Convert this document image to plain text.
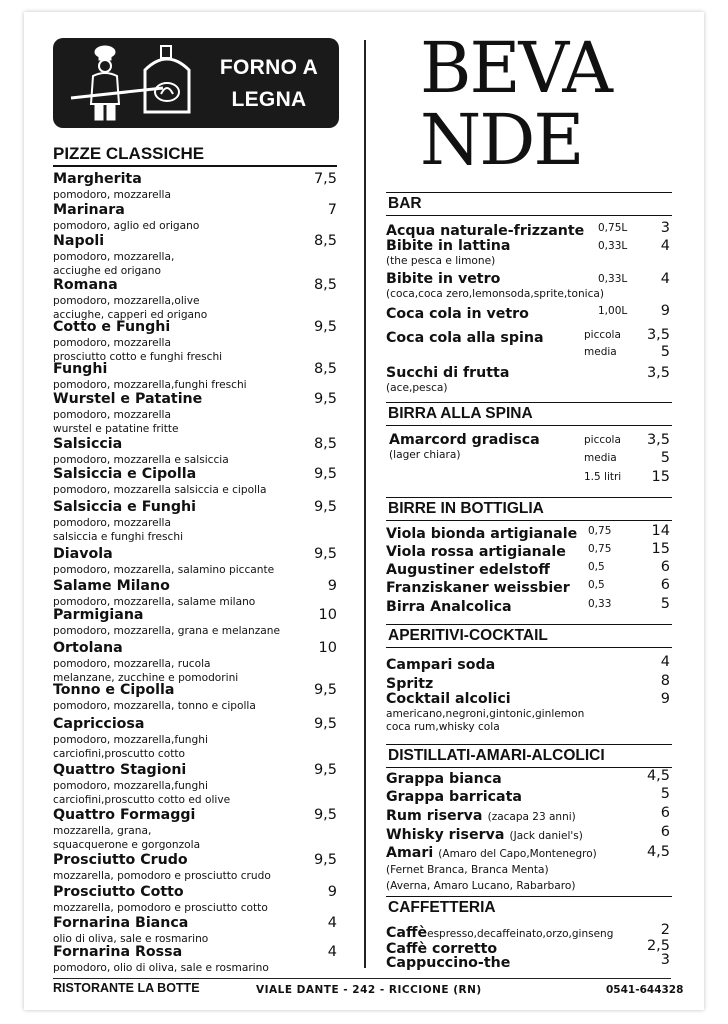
FORNO A
LEGNA
PIZZE CLASSICHE
Margherita
pomodoro, mozzarella
7,5
Marinara
pomodoro, aglio ed origano
7
Napoli
pomodoro, mozzarella,
acciughe ed origano
8,5
Romana
pomodoro, mozzarella,olive
acciughe, capperi ed origano
8,5
Cotto e Funghi
pomodoro, mozzarella
prosciutto cotto e funghi freschi
9,5
Funghi
pomodoro, mozzarella,funghi freschi
8,5
Wurstel e Patatine
pomodoro, mozzarella
wurstel e patatine fritte
9,5
Salsiccia
pomodoro, mozzarella e salsiccia
8,5
Salsiccia e Cipolla
pomodoro, mozzarella salsiccia e cipolla
9,5
Salsiccia e Funghi
pomodoro, mozzarella
salsiccia e funghi freschi
9,5
Diavola
pomodoro, mozzarella, salamino piccante
9,5
Salame Milano
pomodoro, mozzarella, salame milano
9
Parmigiana
pomodoro, mozzarella, grana e melanzane
10
Ortolana
pomodoro, mozzarella, rucola
melanzane, zucchine e pomodorini
10
Tonno e Cipolla
pomodoro, mozzarella, tonno e cipolla
9,5
Capricciosa
pomodoro, mozzarella,funghi
carciofini,proscutto cotto
9,5
Quattro Stagioni
pomodoro, mozzarella,funghi
carciofini,proscutto cotto ed olive
9,5
Quattro Formaggi
mozzarella, grana,
squacquerone e gorgonzola
9,5
Prosciutto Crudo
mozzarella, pomodoro e prosciutto crudo
9,5
Prosciutto Cotto
mozzarella, pomodoro e prosciutto cotto
9
Fornarina Bianca
olio di oliva, sale e rosmarino
4
Fornarina Rossa
pomodoro, olio di oliva, sale e rosmarino
4
BEVA
NDE
BAR
Acqua naturale-frizzante 0,75L 3
Bibite in lattina
(the pesca e limone)
0,33L 4
Bibite in vetro
(coca,coca zero,lemonsoda,sprite,tonica)
0,33L 4
Coca cola in vetro	1,00L 9
Coca cola alla spina	piccola 3,5
media	5
Succhi di frutta
(ace,pesca)
3,5
BIRRA ALLA SPINA
Amarcord gradisca
(lager chiara)
piccola 3,5
media	5
1.5 litri 15
BIRRE IN BOTTIGLIA
Viola bionda artigianale 0,75	14
Viola rossa artigianale 0,75	15
Augustiner edelstoff	0,5	6
Franziskaner weissbier 0,5	6
Birra Analcolica	0,33	5
APERITIVI-COCKTAIL
Campari soda	4
Spritz	8
Cocktail alcolici
americano,negroni,gintonic,ginlemon
coca rum,whisky cola
9
DISTILLATI-AMARI-ALCOLICI
Grappa bianca	4,5
Grappa barricata	5
Rum riserva (zacapa 23 anni)	6
Whisky riserva (Jack daniel's)	6
Amari (Amaro del Capo,Montenegro)
(Fernet Branca, Branca Menta)
(Averna, Amaro Lucano, Rabarbaro)
4,5
CAFFETTERIA
Caffèespresso,decaffeinato,orzo,ginseng	2
Caffè corretto	2,5
Cappuccino-the	3
RISTORANTE LA BOTTE	VIALE DANTE - 242 - RICCIONE (RN)	0541-644328
